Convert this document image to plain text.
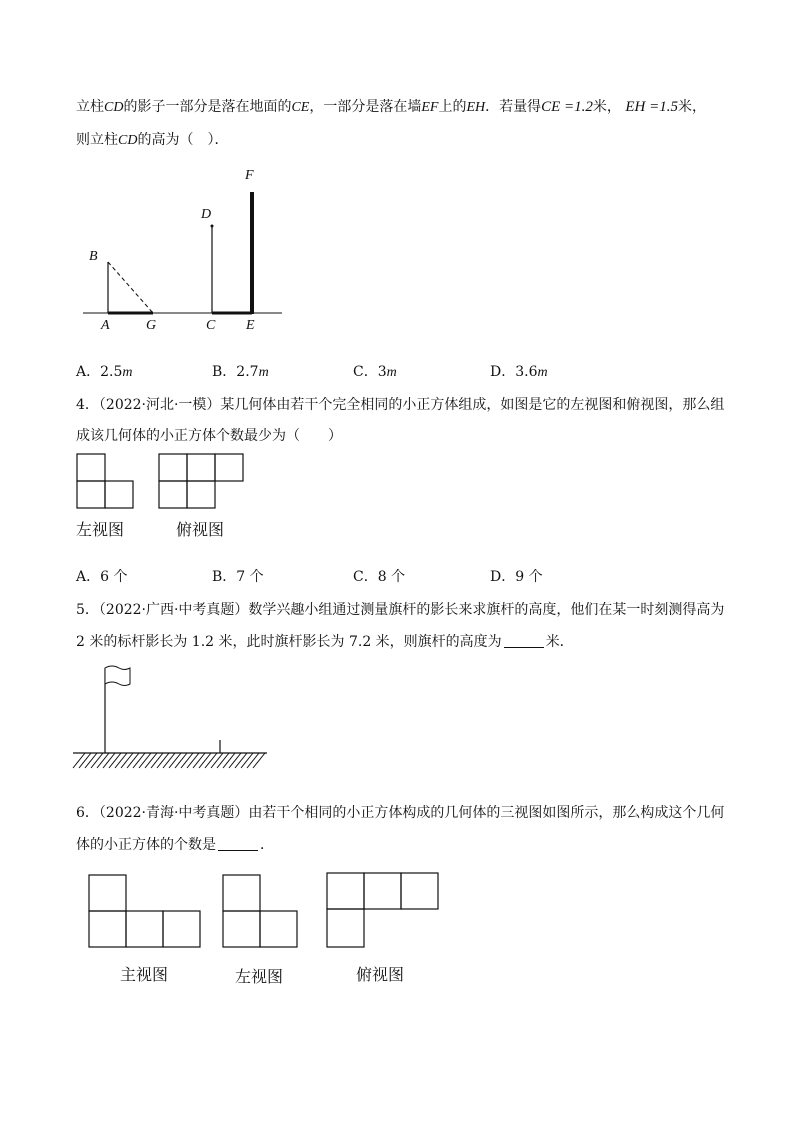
立柱CD的影子一部分是落在地面的CE，一部分是落在墙EF上的EH．若量得CE =1.2米， EH =1.5米，
则立柱CD的高为（　）．
F
D
B
A	G	C E
A．2.5m	B．2.7m	C．3m	D．3.6m
4．（2022·河北·一模）某几何体由若干个完全相同的小正方体组成，如图是它的左视图和俯视图，那么组
成该几何体的小正方体个数最少为（　　）
左视图	俯视图
A．6 个	B．7 个	C．8 个	D．9 个
5．（2022·广西·中考真题）数学兴趣小组通过测量旗杆的影长来求旗杆的高度，他们在某一时刻测得高为
2 米的标杆影长为 1.2 米，此时旗杆影长为 7.2 米，则旗杆的高度为	米．
6．（2022·青海·中考真题）由若干个相同的小正方体构成的几何体的三视图如图所示，那么构成这个几何
体的小正方体的个数是	．
主视图	左视图	俯视图
